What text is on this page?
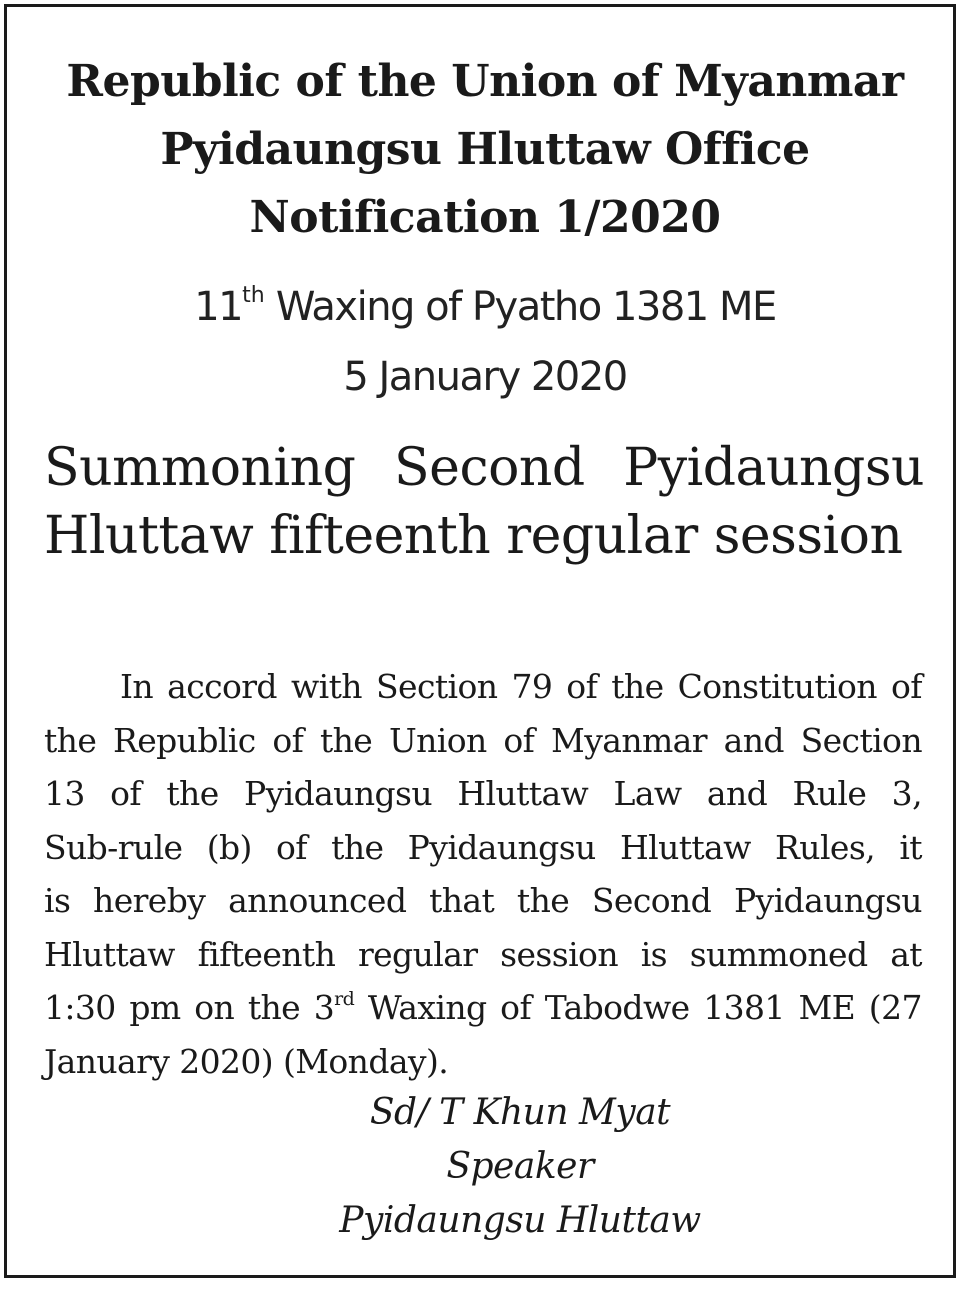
Republic of the Union of Myanmar
Pyidaungsu Hluttaw Office
Notification 1/2020
11th Waxing of Pyatho 1381 ME
5 January 2020
Summoning Second Pyidaungsu
Hluttaw fifteenth regular session
In accord with Section 79 of the Constitution of
the Republic of the Union of Myanmar and Section
13 of the Pyidaungsu Hluttaw Law and Rule 3,
Sub-rule (b) of the Pyidaungsu Hluttaw Rules, it
is hereby announced that the Second Pyidaungsu
Hluttaw fifteenth regular session is summoned at
1:30 pm on the 3rd Waxing of Tabodwe 1381 ME (27
January 2020) (Monday).
Sd/ T Khun Myat
Speaker
Pyidaungsu Hluttaw
